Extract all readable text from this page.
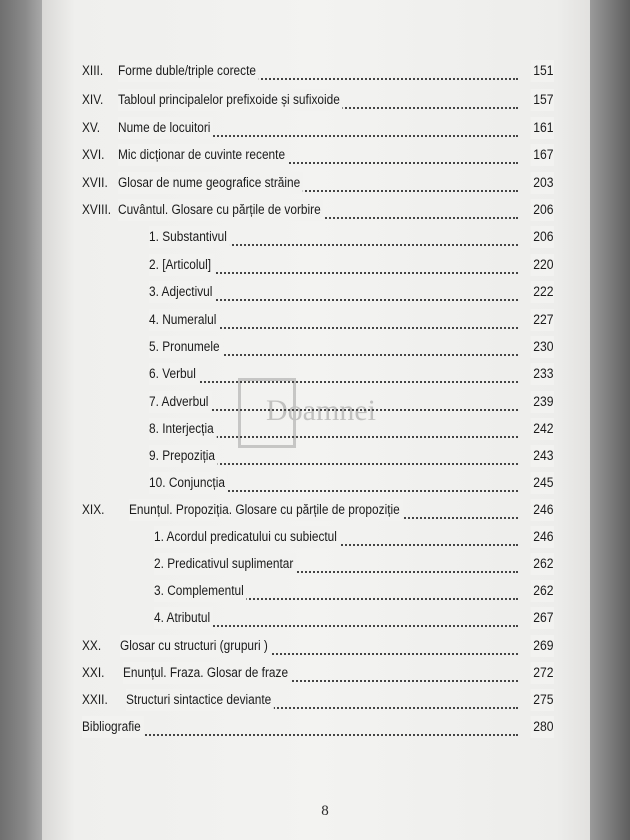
XIII. Forme duble/triple corecte	151
XIV. Tabloul principalelor prefixoide și sufixoide	157
XV. Nume de locuitori	161
XVI. Mic dicționar de cuvinte recente	167
XVII. Glosar de nume geografice străine	203
XVIII. Cuvântul. Glosare cu părțile de vorbire	206
1. Substantivul	206
2. [Articolul]	220
3. Adjectivul	222
4. Numeralul	227
5. Pronumele	230
6. Verbul	233
7. Adverbul	239
8. Interjecția	242
9. Prepoziția	243
10. Conjuncția	245
XIX. Enunțul. Propoziția. Glosare cu părțile de propoziție	246
1. Acordul predicatului cu subiectul	246
2. Predicativul suplimentar	262
3. Complementul	262
4. Atributul	267
XX. Glosar cu structuri (grupuri )	269
XXI. Enunțul. Fraza. Glosar de fraze	272
XXII. Structuri sintactice deviante	275
Bibliografie	280
Doamnei
8
